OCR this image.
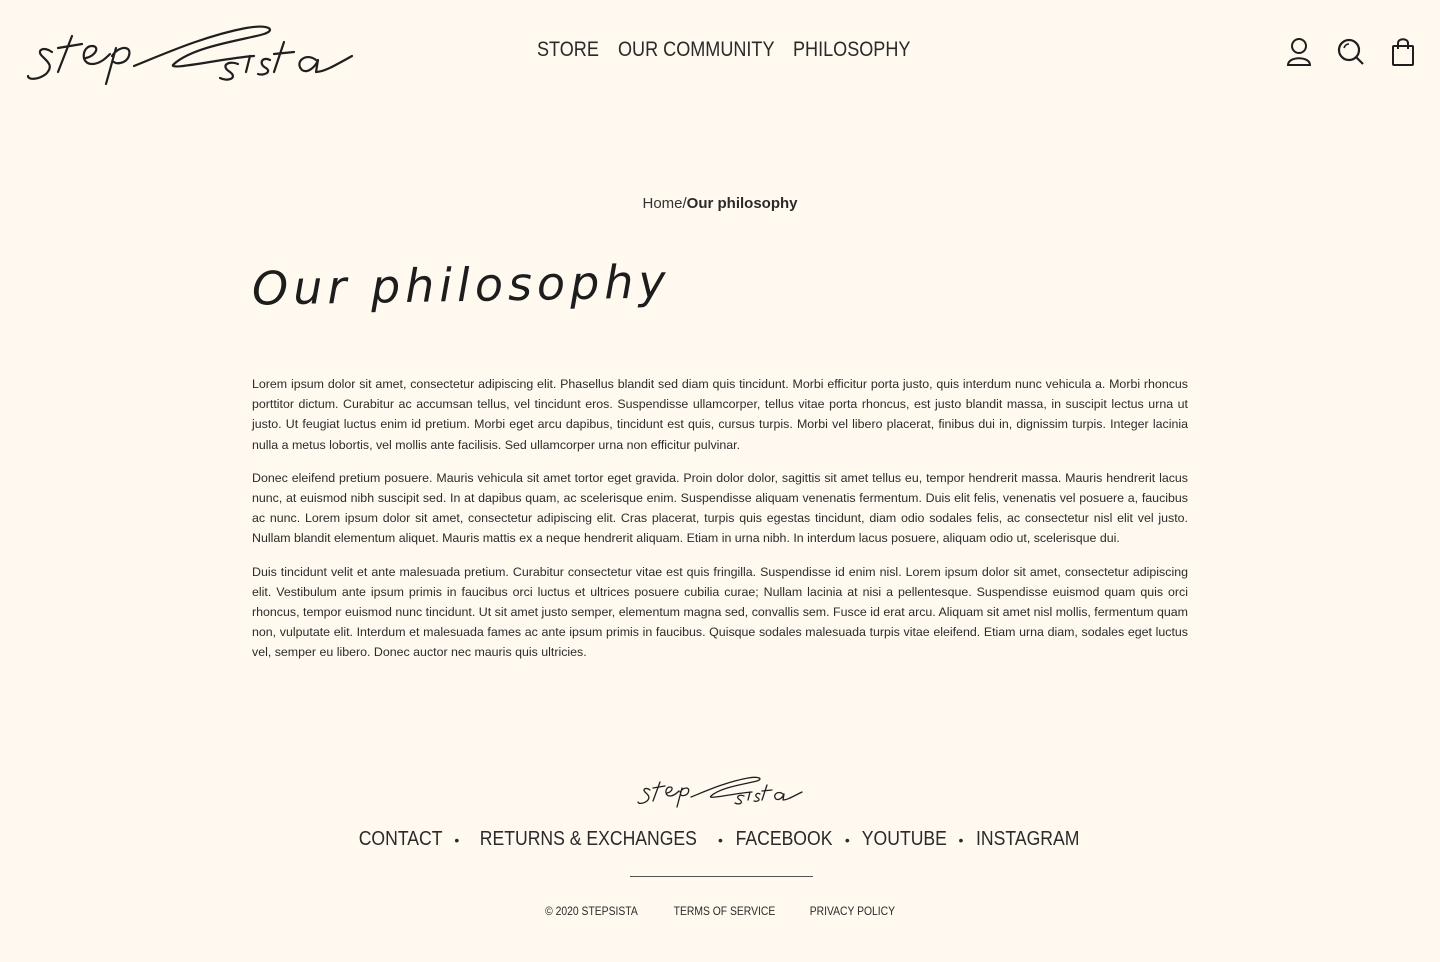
STORE OUR COMMUNITY PHILOSOPHY
Home/Our philosophy
Our philosophy

Lorem ipsum dolor sit amet, consectetur adipiscing elit. Phasellus blandit sed diam quis tincidunt. Morbi efficitur porta justo, quis interdum nunc vehicula a. Morbi rhoncus porttitor dictum. Curabitur ac accumsan tellus, vel tincidunt eros. Suspendisse ullamcorper, tellus vitae porta rhoncus, est justo blandit massa, in suscipit lectus urna ut justo. Ut feugiat luctus enim id pretium. Morbi eget arcu dapibus, tincidunt est quis, cursus turpis. Morbi vel libero placerat, finibus dui in, dignissim turpis. Integer lacinia nulla a metus lobortis, vel mollis ante facilisis. Sed ullamcorper urna non efficitur pulvinar.

Donec eleifend pretium posuere. Mauris vehicula sit amet tortor eget gravida. Proin dolor dolor, sagittis sit amet tellus eu, tempor hendrerit massa. Mauris hendrerit lacus nunc, at euismod nibh suscipit sed. In at dapibus quam, ac scelerisque enim. Suspendisse aliquam venenatis fermentum. Duis elit felis, venenatis vel posuere a, faucibus ac nunc. Lorem ipsum dolor sit amet, consectetur adipiscing elit. Cras placerat, turpis quis egestas tincidunt, diam odio sodales felis, ac consectetur nisl elit vel justo. Nullam blandit elementum aliquet. Mauris mattis ex a neque hendrerit aliquam. Etiam in urna nibh. In interdum lacus posuere, aliquam odio ut, scelerisque dui.

Duis tincidunt velit et ante malesuada pretium. Curabitur consectetur vitae est quis fringilla. Suspendisse id enim nisl. Lorem ipsum dolor sit amet, consectetur adipiscing elit. Vestibulum ante ipsum primis in faucibus orci luctus et ultrices posuere cubilia curae; Nullam lacinia at nisi a pellentesque. Suspendisse euismod quam quis orci rhoncus, tempor euismod nunc tincidunt. Ut sit amet justo semper, elementum magna sed, convallis sem. Fusce id erat arcu. Aliquam sit amet nisl mollis, fermentum quam non, vulputate elit. Interdum et malesuada fames ac ante ipsum primis in faucibus. Quisque sodales malesuada turpis vitae eleifend. Etiam urna diam, sodales eget luctus vel, semper eu libero. Donec auctor nec mauris quis ultricies.

CONTACT • RETURNS & EXCHANGES • FACEBOOK • YOUTUBE • INSTAGRAM
© 2020 STEPSISTA	TERMS OF SERVICE	PRIVACY POLICY
